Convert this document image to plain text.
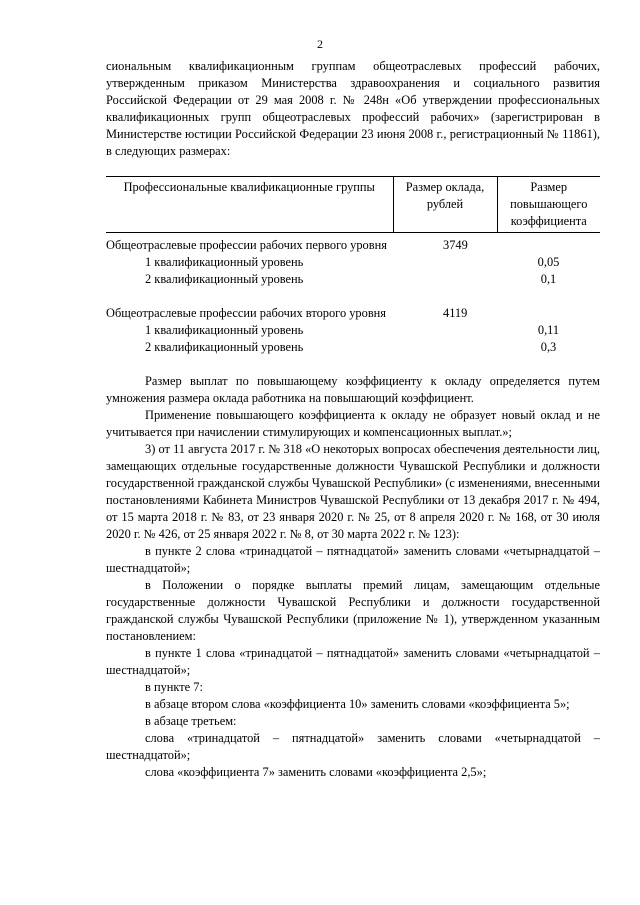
2

сиональным квалификационным группам общеотраслевых профессий рабочих, утвержденным приказом Министерства здравоохранения и социального развития Российской Федерации от 29 мая 2008 г. № 248н «Об утверждении профессиональных квалификационных групп общеотраслевых профессий рабочих» (зарегистрирован в Министерстве юстиции Российской Федерации 23 июня 2008 г., регистрационный № 11861), в следующих размерах:

Профессиональные квалификационные группы	Размер оклада, рублей	Размер повышающего коэффициента

Общеотраслевые профессии рабочих первого уровня	3749	
1 квалификационный уровень		0,05
2 квалификационный уровень		0,1

Общеотраслевые профессии рабочих второго уровня	4119	
1 квалификационный уровень		0,11
2 квалификационный уровень		0,3

Размер выплат по повышающему коэффициенту к окладу определяется путем умножения размера оклада работника на повышающий коэффициент.

Применение повышающего коэффициента к окладу не образует новый оклад и не учитывается при начислении стимулирующих и компенсационных выплат.»;

3) от 11 августа 2017 г. № 318 «О некоторых вопросах обеспечения деятельности лиц, замещающих отдельные государственные должности Чувашской Республики и должности государственной гражданской службы Чувашской Республики» (с изменениями, внесенными постановлениями Кабинета Министров Чувашской Республики от 13 декабря 2017 г. № 494, от 15 марта 2018 г. № 83, от 23 января 2020 г. № 25, от 8 апреля 2020 г. № 168, от 30 июля 2020 г. № 426, от 25 января 2022 г. № 8, от 30 марта 2022 г. № 123):

в пункте 2 слова «тринадцатой – пятнадцатой» заменить словами «четырнадцатой – шестнадцатой»;

в Положении о порядке выплаты премий лицам, замещающим отдельные государственные должности Чувашской Республики и должности государственной гражданской службы Чувашской Республики (приложение № 1), утвержденном указанным постановлением:

в пункте 1 слова «тринадцатой – пятнадцатой» заменить словами «четырнадцатой – шестнадцатой»;

в пункте 7:

в абзаце втором слова «коэффициента 10» заменить словами «коэффициента 5»;

в абзаце третьем:

слова «тринадцатой – пятнадцатой» заменить словами «четырнадцатой – шестнадцатой»;

слова «коэффициента 7» заменить словами «коэффициента 2,5»;
